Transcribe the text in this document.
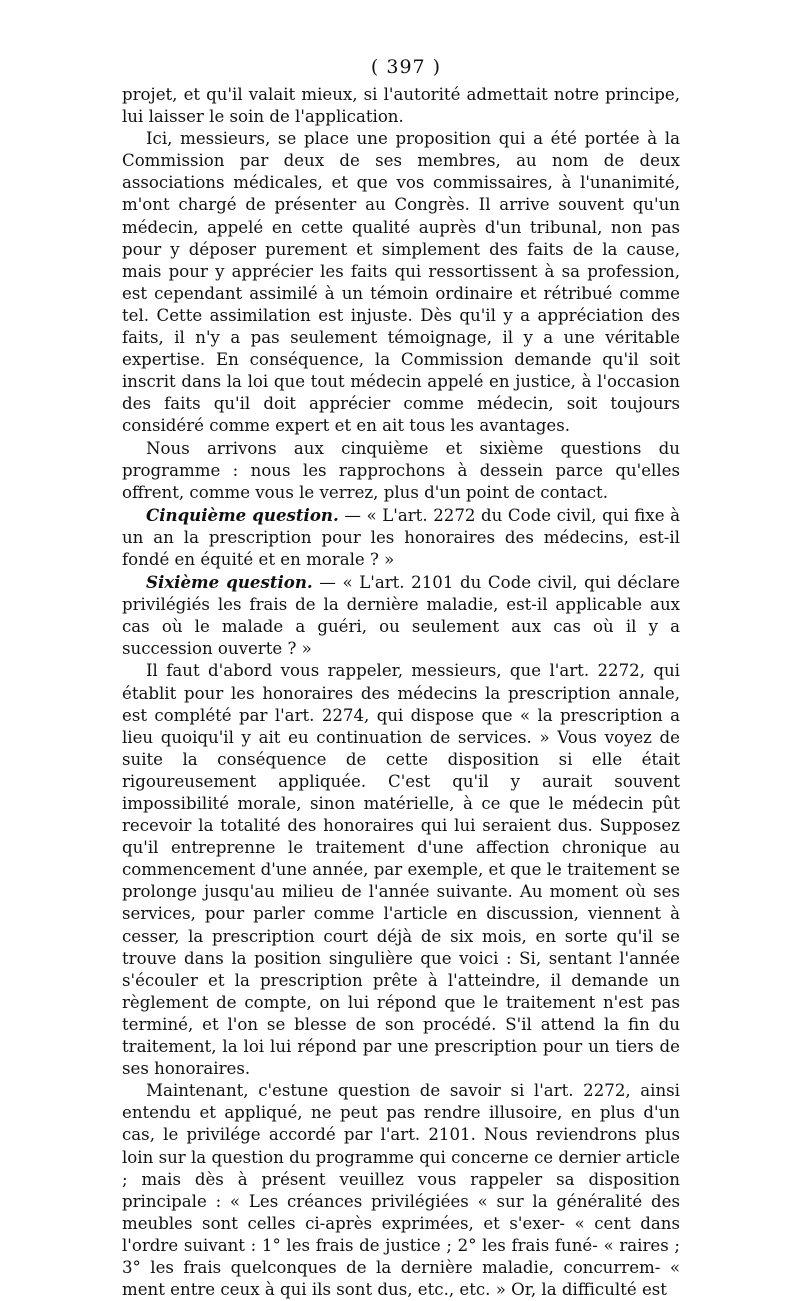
( 397 )

projet, et qu'il valait mieux, si l'autorité admettait notre principe, lui laisser le soin de l'application.

Ici, messieurs, se place une proposition qui a été portée à la Commission par deux de ses membres, au nom de deux associations médicales, et que vos commissaires, à l'unanimité, m'ont chargé de présenter au Congrès. Il arrive souvent qu'un médecin, appelé en cette qualité auprès d'un tribunal, non pas pour y déposer purement et simplement des faits de la cause, mais pour y apprécier les faits qui ressortissent à sa profession, est cependant assimilé à un témoin ordinaire et rétribué comme tel. Cette assimilation est injuste. Dès qu'il y a appréciation des faits, il n'y a pas seulement témoignage, il y a une véritable expertise. En conséquence, la Commission demande qu'il soit inscrit dans la loi que tout médecin appelé en justice, à l'occasion des faits qu'il doit apprécier comme médecin, soit toujours considéré comme expert et en ait tous les avantages.

Nous arrivons aux cinquième et sixième questions du programme : nous les rapprochons à dessein parce qu'elles offrent, comme vous le verrez, plus d'un point de contact.

Cinquième question. — « L'art. 2272 du Code civil, qui fixe à un an la prescription pour les honoraires des médecins, est-il fondé en équité et en morale ? »

Sixième question. — « L'art. 2101 du Code civil, qui déclare privilégiés les frais de la dernière maladie, est-il applicable aux cas où le malade a guéri, ou seulement aux cas où il y a succession ouverte ? »

Il faut d'abord vous rappeler, messieurs, que l'art. 2272, qui établit pour les honoraires des médecins la prescription annale, est complété par l'art. 2274, qui dispose que « la prescription a lieu quoiqu'il y ait eu continuation de services. » Vous voyez de suite la conséquence de cette disposition si elle était rigoureusement appliquée. C'est qu'il y aurait souvent impossibilité morale, sinon matérielle, à ce que le médecin pût recevoir la totalité des honoraires qui lui seraient dus. Supposez qu'il entreprenne le traitement d'une affection chronique au commencement d'une année, par exemple, et que le traitement se prolonge jusqu'au milieu de l'année suivante. Au moment où ses services, pour parler comme l'article en discussion, viennent à cesser, la prescription court déjà de six mois, en sorte qu'il se trouve dans la position singulière que voici : Si, sentant l'année s'écouler et la prescription prête à l'atteindre, il demande un règlement de compte, on lui répond que le traitement n'est pas terminé, et l'on se blesse de son procédé. S'il attend la fin du traitement, la loi lui répond par une prescription pour un tiers de ses honoraires.

Maintenant, c'estune question de savoir si l'art. 2272, ainsi entendu et appliqué, ne peut pas rendre illusoire, en plus d'un cas, le privilége accordé par l'art. 2101. Nous reviendrons plus loin sur la question du programme qui concerne ce dernier article ; mais dès à présent veuillez vous rappeler sa disposition principale : « Les créances privilégiées « sur la généralité des meubles sont celles ci-après exprimées, et s'exer- « cent dans l'ordre suivant : 1° les frais de justice ; 2° les frais funé- « raires ; 3° les frais quelconques de la dernière maladie, concurrem- « ment entre ceux à qui ils sont dus, etc., etc. » Or, la difficulté est
